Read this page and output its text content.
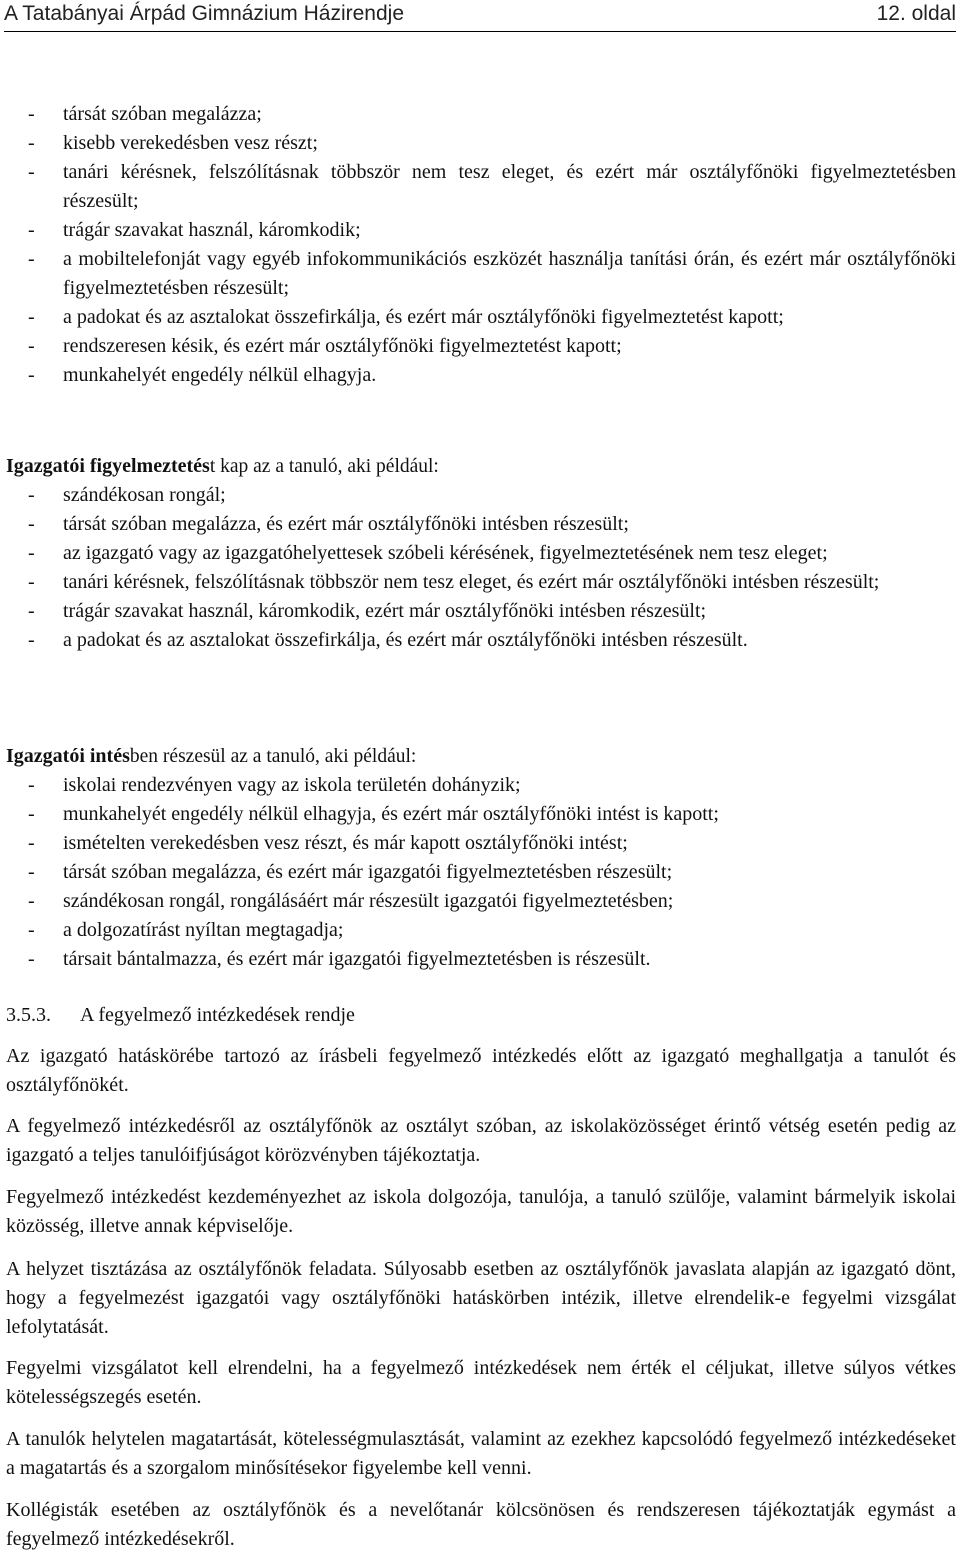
A Tatabányai Árpád Gimnázium Házirendje	12. oldal
- társát szóban megalázza;
- kisebb verekedésben vesz részt;
- tanári kérésnek, felszólításnak többször nem tesz eleget, és ezért már osztályfőnöki figyelmeztetésben részesült;
- trágár szavakat használ, káromkodik;
- a mobiltelefonját vagy egyéb infokommunikációs eszközét használja tanítási órán, és ezért már osztályfőnöki figyelmeztetésben részesült;
- a padokat és az asztalokat összefirkálja, és ezért már osztályfőnöki figyelmeztetést kapott;
- rendszeresen késik, és ezért már osztályfőnöki figyelmeztetést kapott;
- munkahelyét engedély nélkül elhagyja.
Igazgatói figyelmeztetést kap az a tanuló, aki például:
- szándékosan rongál;
- társát szóban megalázza, és ezért már osztályfőnöki intésben részesült;
- az igazgató vagy az igazgatóhelyettesek szóbeli kérésének, figyelmeztetésének nem tesz eleget;
- tanári kérésnek, felszólításnak többször nem tesz eleget, és ezért már osztályfőnöki intésben részesült;
- trágár szavakat használ, káromkodik, ezért már osztályfőnöki intésben részesült;
- a padokat és az asztalokat összefirkálja, és ezért már osztályfőnöki intésben részesült.
Igazgatói intésben részesül az a tanuló, aki például:
- iskolai rendezvényen vagy az iskola területén dohányzik;
- munkahelyét engedély nélkül elhagyja, és ezért már osztályfőnöki intést is kapott;
- ismételten verekedésben vesz részt, és már kapott osztályfőnöki intést;
- társát szóban megalázza, és ezért már igazgatói figyelmeztetésben részesült;
- szándékosan rongál, rongálásáért már részesült igazgatói figyelmeztetésben;
- a dolgozatírást nyíltan megtagadja;
- társait bántalmazza, és ezért már igazgatói figyelmeztetésben is részesült.
3.5.3. A fegyelmező intézkedések rendje

Az igazgató hatáskörébe tartozó az írásbeli fegyelmező intézkedés előtt az igazgató meghallgatja a tanulót és osztályfőnökét.

A fegyelmező intézkedésről az osztályfőnök az osztályt szóban, az iskolaközösséget érintő vétség esetén pedig az igazgató a teljes tanulóifjúságot körözvényben tájékoztatja.

Fegyelmező intézkedést kezdeményezhet az iskola dolgozója, tanulója, a tanuló szülője, valamint bármelyik iskolai közösség, illetve annak képviselője.

A helyzet tisztázása az osztályfőnök feladata. Súlyosabb esetben az osztályfőnök javaslata alapján az igazgató dönt, hogy a fegyelmezést igazgatói vagy osztályfőnöki hatáskörben intézik, illetve elrendelik-e fegyelmi vizsgálat lefolytatását.

Fegyelmi vizsgálatot kell elrendelni, ha a fegyelmező intézkedések nem érték el céljukat, illetve súlyos vétkes kötelességszegés esetén.

A tanulók helytelen magatartását, kötelességmulasztását, valamint az ezekhez kapcsolódó fegyelmező intézkedéseket a magatartás és a szorgalom minősítésekor figyelembe kell venni.

Kollégisták esetében az osztályfőnök és a nevelőtanár kölcsönösen és rendszeresen tájékoztatják egymást a fegyelmező intézkedésekről.
